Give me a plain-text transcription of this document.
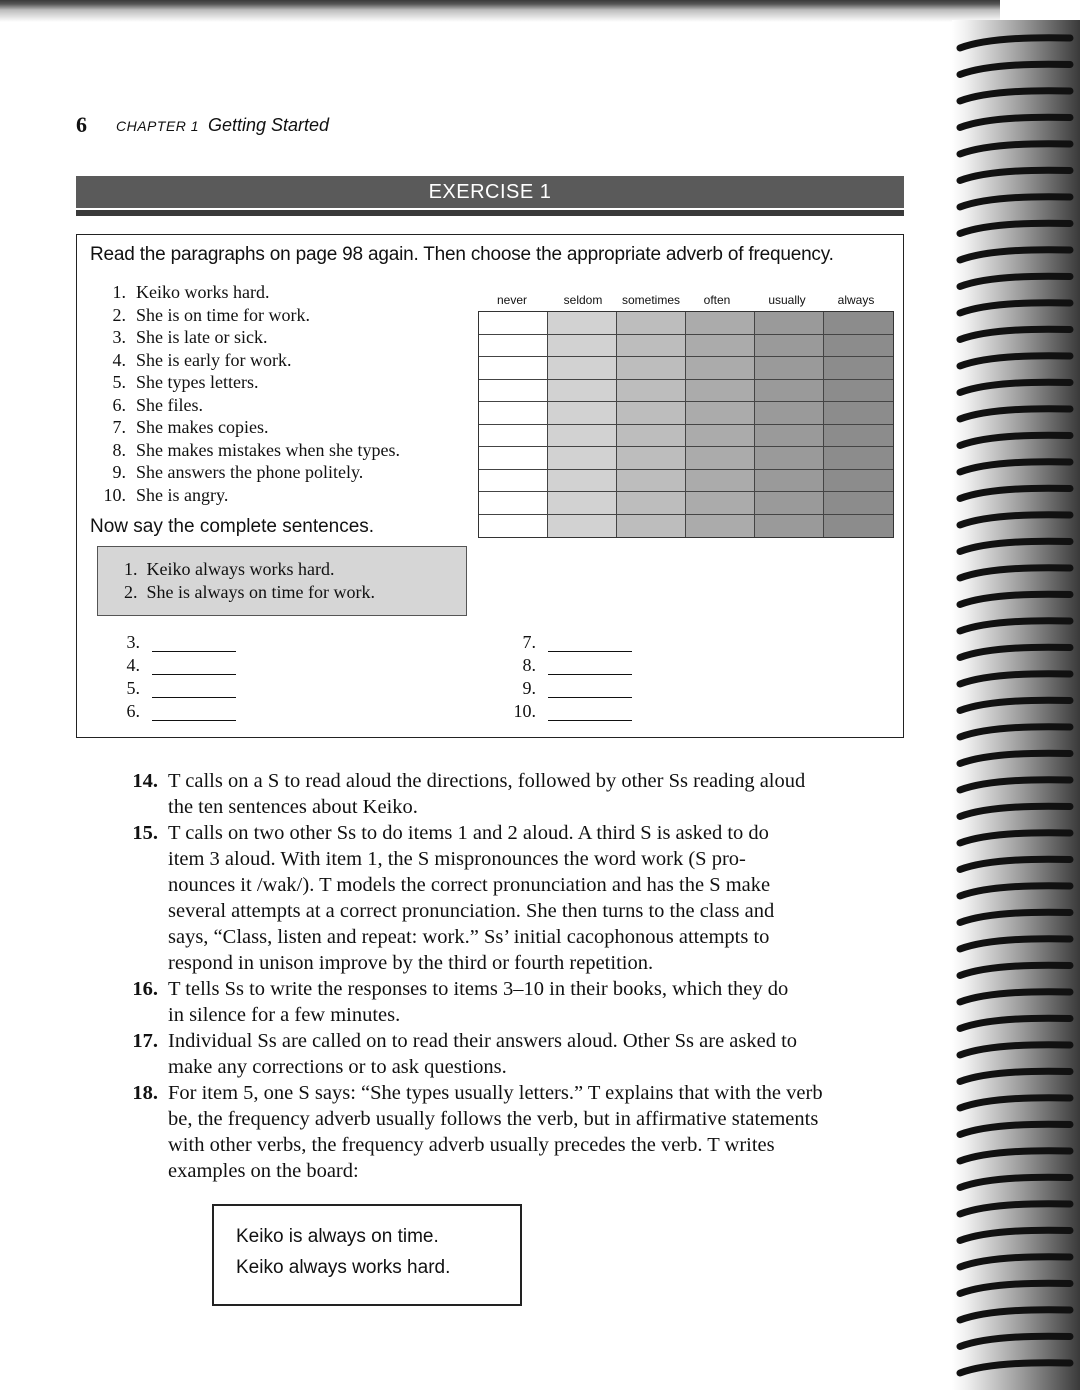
6 CHAPTER 1 Getting Started
EXERCISE 1
Read the paragraphs on page 98 again. Then choose the appropriate adverb of frequency.
1. Keiko works hard.
2. She is on time for work.
3. She is late or sick.
4. She is early for work.
5. She types letters.
6. She files.
7. She makes copies.
8. She makes mistakes when she types.
9. She answers the phone politely.
10. She is angry.
never	seldom	sometimes	often	usually	always
Now say the complete sentences.
1. Keiko always works hard.
2. She is always on time for work.
3.
4.
5.
6.
7.
8.
9.
10.
14. T calls on a S to read aloud the directions, followed by other Ss reading aloud
the ten sentences about Keiko.
15. T calls on two other Ss to do items 1 and 2 aloud. A third S is asked to do
item 3 aloud. With item 1, the S mispronounces the word work (S pro-
nounces it /wak/). T models the correct pronunciation and has the S make
several attempts at a correct pronunciation. She then turns to the class and
says, “Class, listen and repeat: work.” Ss’ initial cacophonous attempts to
respond in unison improve by the third or fourth repetition.
16. T tells Ss to write the responses to items 3–10 in their books, which they do
in silence for a few minutes.
17. Individual Ss are called on to read their answers aloud. Other Ss are asked to
make any corrections or to ask questions.
18. For item 5, one S says: “She types usually letters.” T explains that with the verb
be, the frequency adverb usually follows the verb, but in affirmative statements
with other verbs, the frequency adverb usually precedes the verb. T writes
examples on the board:
Keiko is always on time.
Keiko always works hard.
